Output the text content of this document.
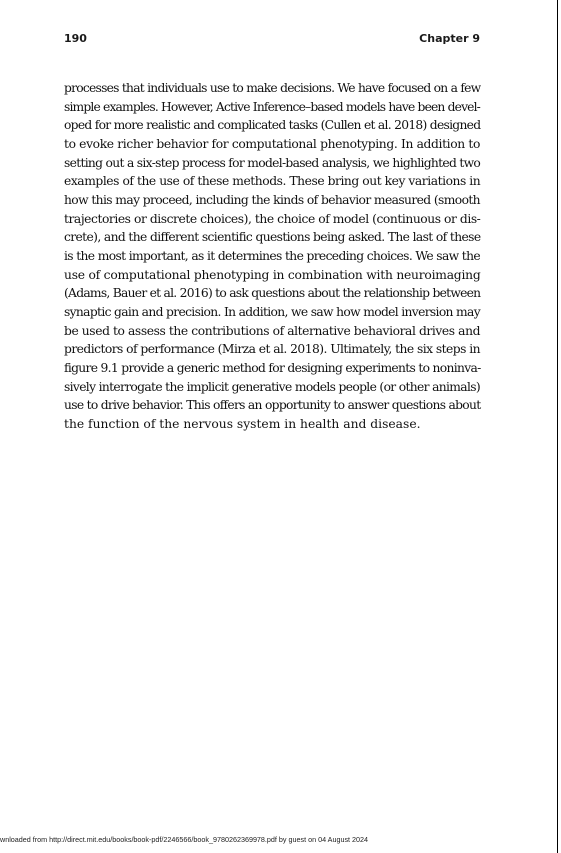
190	Chapter 9
processes that individuals use to make decisions. We have focused on a few
simple examples. However, Active Inference–based models have been devel-
oped for more realistic and complicated tasks (Cullen et al. 2018) designed
to evoke richer behavior for computational phenotyping. In addition to
setting out a six-step process for model-based analysis, we highlighted two
examples of the use of these methods. These bring out key variations in
how this may proceed, including the kinds of behavior measured (smooth
trajectories or discrete choices), the choice of model (continuous or dis-
crete), and the different scientific questions being asked. The last of these
is the most important, as it determines the preceding choices. We saw the
use of computational phenotyping in combination with neuroimaging
(Adams, Bauer et al. 2016) to ask questions about the relationship between
synaptic gain and precision. In addition, we saw how model inversion may
be used to assess the contributions of alternative behavioral drives and
predictors of performance (Mirza et al. 2018). Ultimately, the six steps in
figure 9.1 provide a generic method for designing experiments to noninva-
sively interrogate the implicit generative models people (or other animals)
use to drive behavior. This offers an opportunity to answer questions about
the function of the nervous system in health and disease.
wnloaded from http://direct.mit.edu/books/book-pdf/2246566/book_9780262369978.pdf by guest on 04 August 2024
